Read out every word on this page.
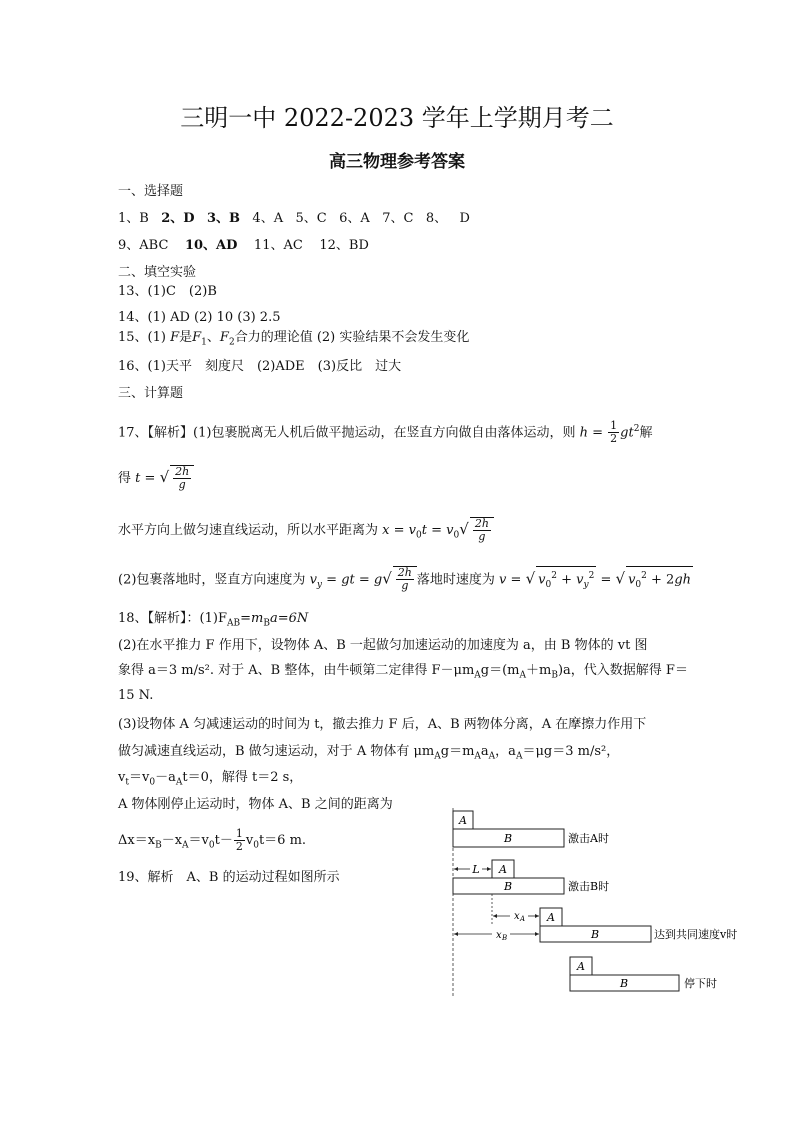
三明一中 2022-2023 学年上学期月考二
高三物理参考答案
一、选择题
1、B 2、D 3、B 4、A 5、C 6、A 7、C 8、 D
9、ABC 10、AD 11、AC 12、BD
二、填空实验
13、(1)C　(2)B
14、(1) AD (2) 10 (3) 2.5
15、(1) F是$F_1$、$F_2$合力的理论值 (2) 实验结果不会发生变化
16、(1)天平　刻度尺　(2)ADE　(3)反比　过大
三、计算题
17、【解析】(1)包裹脱离无人机后做平抛运动，在竖直方向做自由落体运动，则 $h = \frac{1}{2} gt^2$解
得 t = √ $\frac{2h}{g}$
水平方向上做匀速直线运动，所以水平距离为 $x = v_0t = v_0√ \frac{2h}{g}$
(2)包裹落地时，竖直方向速度为 $v_y$ = gt = $g√ \frac{2h}{g}$ 落地时速度为 v = √ $v_0^2 + v_y^2$ = √ $v_0^2 + 2gh$
18、【解析】：$(1)F_{AB}=m_Ba=6N$
(2)在水平推力 F 作用下，设物体 A、B 一起做匀加速运动的加速度为 a，由 B 物体的 vt 图
象得 a＝3 m/s². 对于 A、B 整体，由牛顿第二定律得 $F-\mu m_Ag=(m_A+m_B)a$，代入数据解得 F＝
15 N.
(3)设物体 A 匀减速运动的时间为 t，撤去推力 F 后，A、B 两物体分离，A 在摩擦力作用下
做匀减速直线运动，B 做匀速运动，对于 A 物体有 $\mu m_Ag=m_Aa_A$，$a_A=\mu g=3$ m/s²，
$v_t=v_0-a_At=0$，解得 t＝2 s，
A 物体刚停止运动时，物体 A、B 之间的距离为
$\Delta x=x_B-x_A=v_0t- \frac{1}{2} v_0t=6$ m.
19、解析　A、B 的运动过程如图所示
A
B	激击A时
A
B	激击B时
L
A
x A
B	达到共同速度v时
x B
A
B	停下时
